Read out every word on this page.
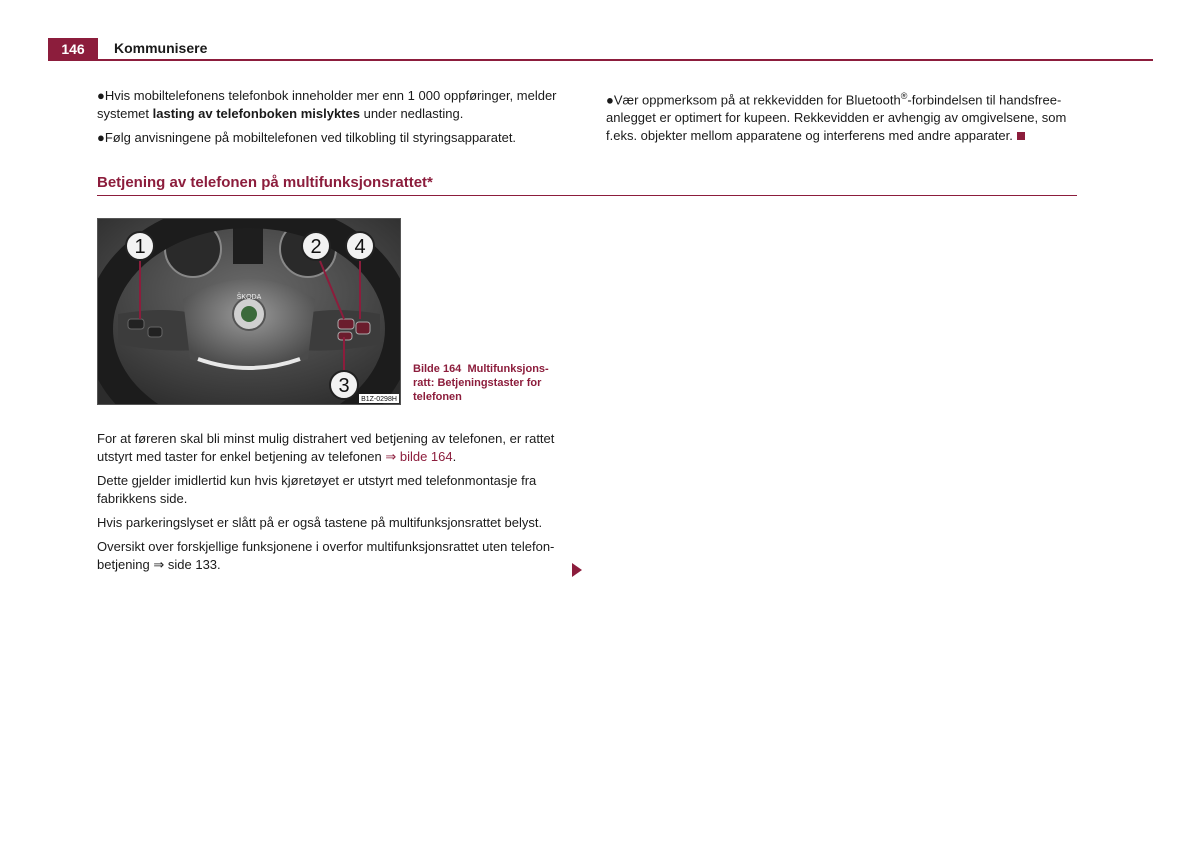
146	Kommunisere

●Hvis mobiltelefonens telefonbok inneholder mer enn 1 000 oppføringer, melder systemet lasting av telefonboken mislyktes under nedlasting.

●Følg anvisningene på mobiltelefonen ved tilkobling til styringsapparatet.

●Vær oppmerksom på at rekkevidden for Bluetooth®-forbindelsen til handsfree-anlegget er optimert for kupeen. Rekkevidden er avhengig av omgivelsene, som f.eks. objekter mellom apparatene og interferens med andre apparater.

Betjening av telefonen på multifunksjonsrattet*
ŠKODA
1	2
3
4
B1Z-0298H
Bilde 164 Multifunksjons-ratt: Betjeningstaster for telefonen

For at føreren skal bli minst mulig distrahert ved betjening av telefonen, er rattet utstyrt med taster for enkel betjening av telefonen ⇒ bilde 164.

Dette gjelder imidlertid kun hvis kjøretøyet er utstyrt med telefonmontasje fra fabrikkens side.

Hvis parkeringslyset er slått på er også tastene på multifunksjonsrattet belyst.

Oversikt over forskjellige funksjonene i overfor multifunksjonsrattet uten telefon-betjening ⇒ side 133.
